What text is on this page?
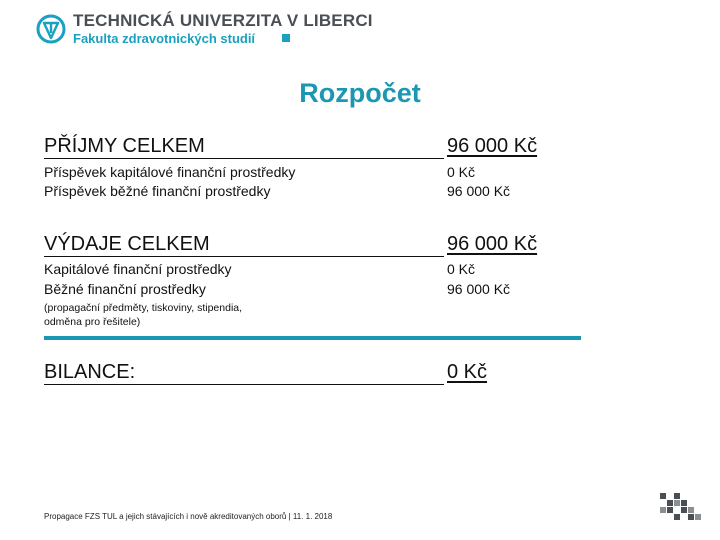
TECHNICKÁ UNIVERZITA V LIBERCI
Fakulta zdravotnických studií
Rozpočet
PŘÍJMY CELKEM	96 000 Kč
Příspěvek kapitálové finanční prostředky	0 Kč
Příspěvek běžné finanční prostředky	96 000 Kč
VÝDAJE CELKEM	96 000 Kč
Kapitálové finanční prostředky	0 Kč
Běžné finanční prostředky	96 000 Kč
(propagační předměty, tiskoviny, stipendia,
odměna pro řešitele)
BILANCE:	0 Kč
Propagace FZS TUL a jejich stávajících i nově akreditovaných oborů | 11. 1. 2018
